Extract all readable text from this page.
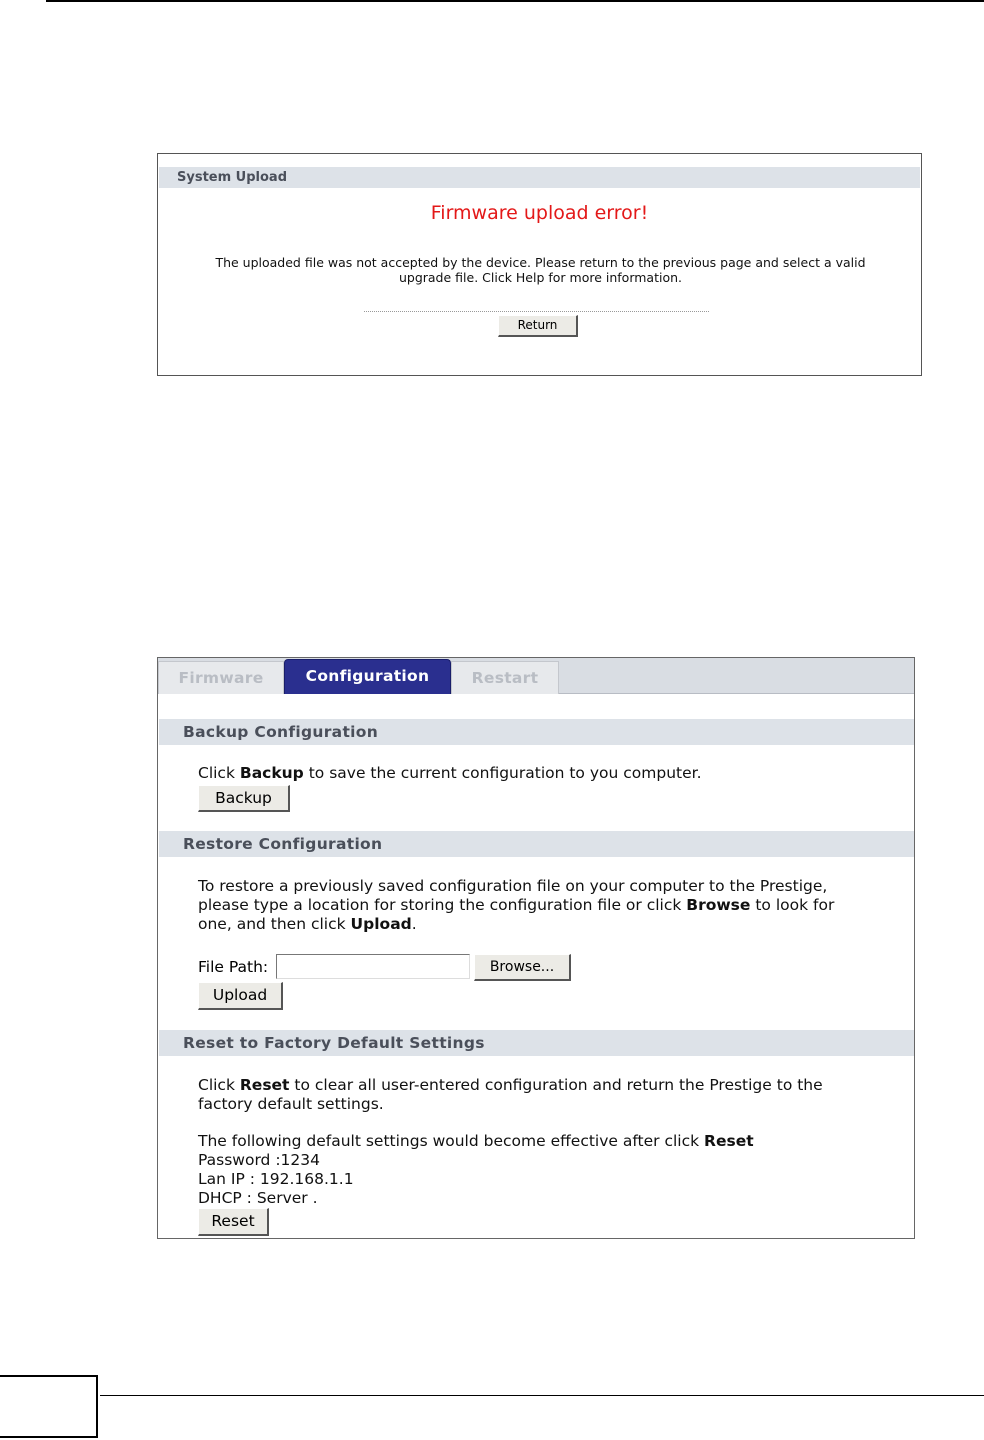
System Upload
Firmware upload error!
The uploaded file was not accepted by the device. Please return to the previous page and select a valid
upgrade file. Click Help for more information.
Return
Firmware	Configuration	Restart
Backup Configuration
Click Backup to save the current configuration to you computer.
Backup
Restore Configuration
To restore a previously saved configuration file on your computer to the Prestige,
please type a location for storing the configuration file or click Browse to look for
one, and then click Upload.
File Path:	Browse...
Upload
Reset to Factory Default Settings
Click Reset to clear all user-entered configuration and return the Prestige to the
factory default settings.
The following default settings would become effective after click Reset
Password :1234
Lan IP : 192.168.1.1
DHCP : Server .
Reset
